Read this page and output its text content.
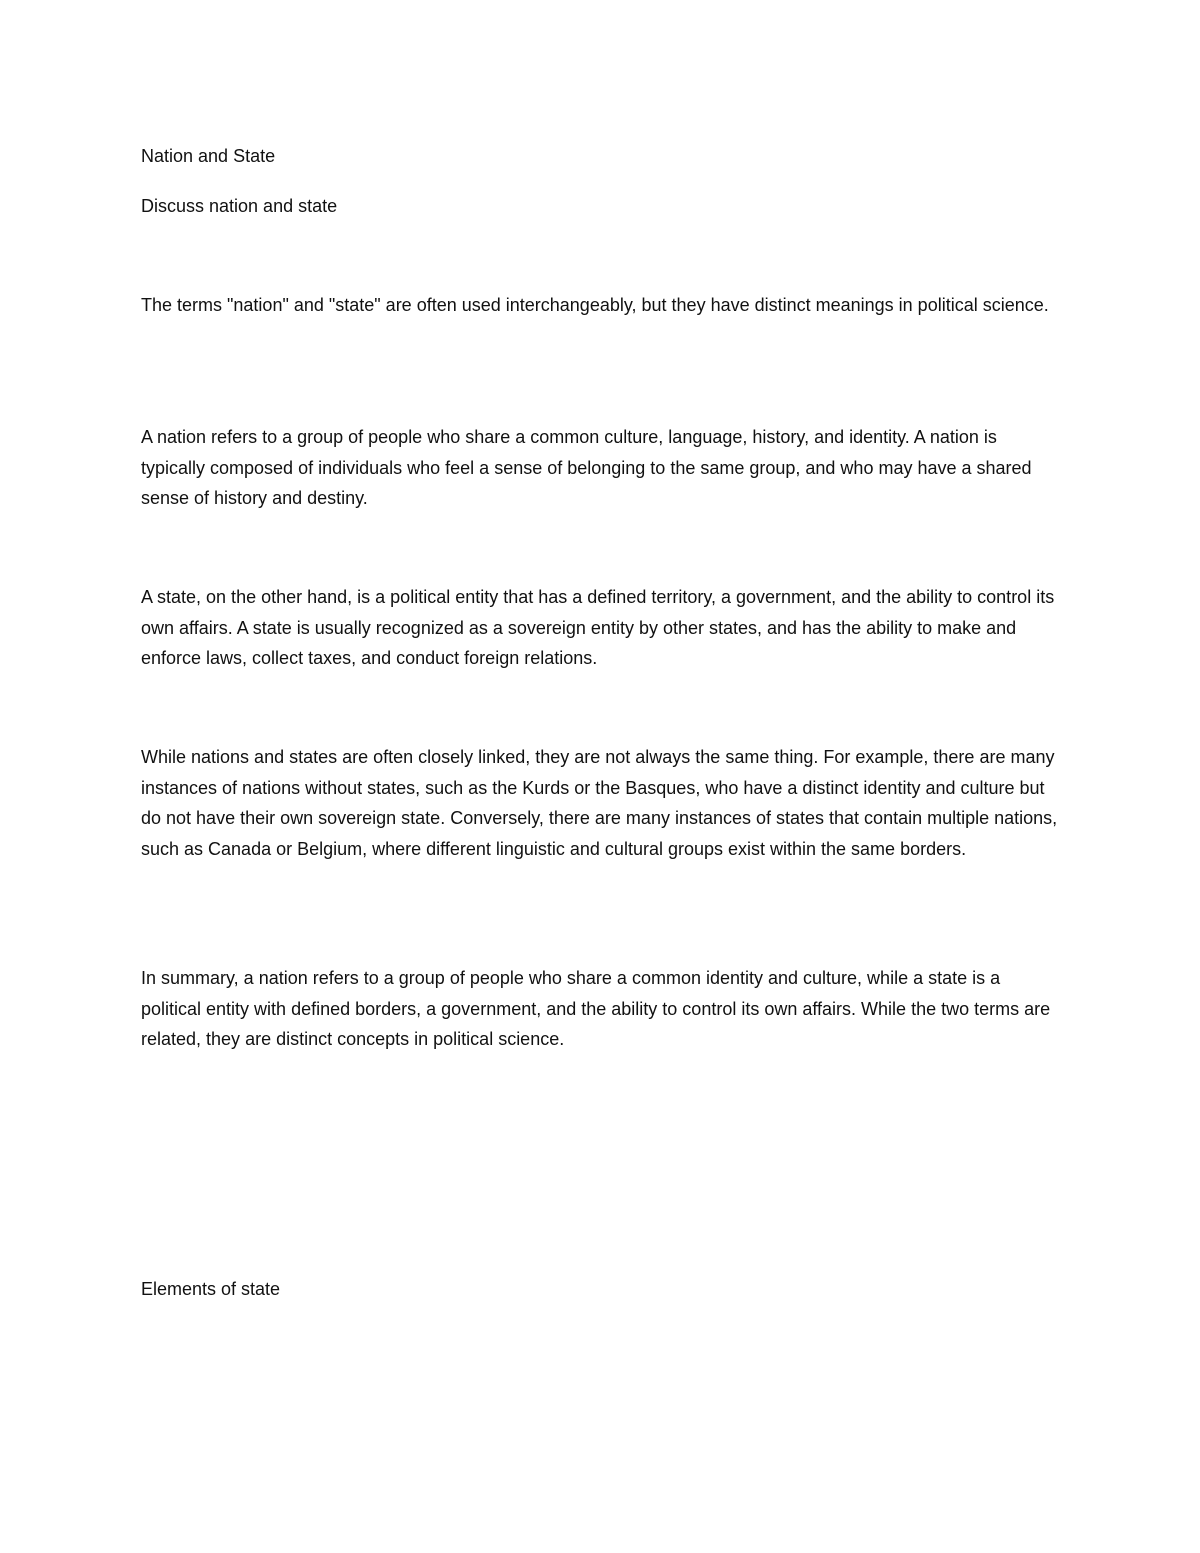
Nation and State

Discuss nation and state

The terms "nation" and "state" are often used interchangeably, but they have distinct meanings in political science.

A nation refers to a group of people who share a common culture, language, history, and identity. A nation is typically composed of individuals who feel a sense of belonging to the same group, and who may have a shared sense of history and destiny.

A state, on the other hand, is a political entity that has a defined territory, a government, and the ability to control its own affairs. A state is usually recognized as a sovereign entity by other states, and has the ability to make and enforce laws, collect taxes, and conduct foreign relations.

While nations and states are often closely linked, they are not always the same thing. For example, there are many instances of nations without states, such as the Kurds or the Basques, who have a distinct identity and culture but do not have their own sovereign state. Conversely, there are many instances of states that contain multiple nations, such as Canada or Belgium, where different linguistic and cultural groups exist within the same borders.

In summary, a nation refers to a group of people who share a common identity and culture, while a state is a political entity with defined borders, a government, and the ability to control its own affairs. While the two terms are related, they are distinct concepts in political science.

Elements of state
